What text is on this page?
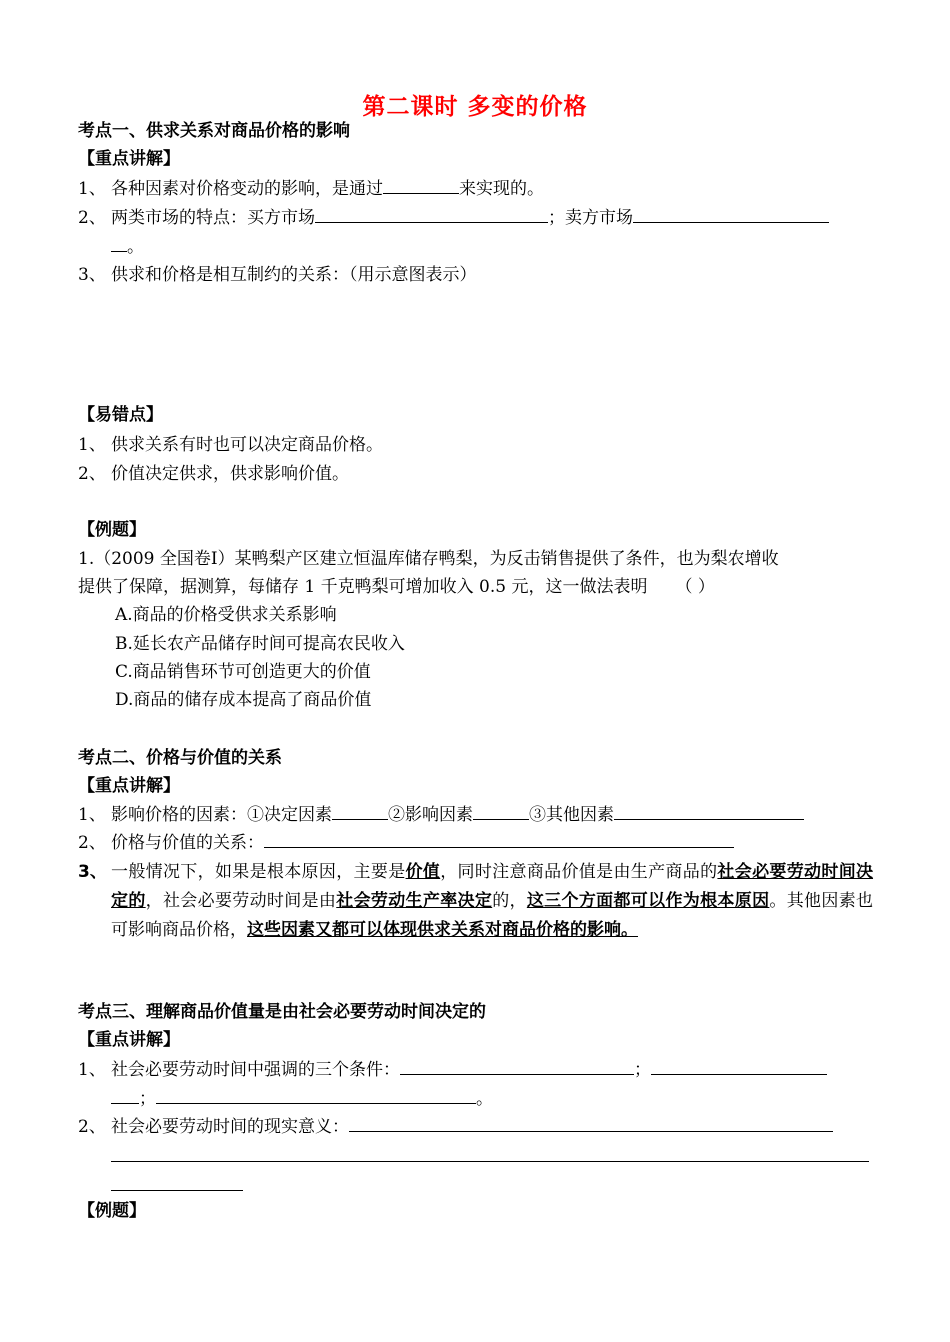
第二课时 多变的价格
考点一、供求关系对商品价格的影响
【重点讲解】
1、 各种因素对价格变动的影响，是通过	来实现的。
2、 两类市场的特点：买方市场	；卖方市场
。
3、 供求和价格是相互制约的关系：（用示意图表示）
【易错点】
1、 供求关系有时也可以决定商品价格。
2、 价值决定供求，供求影响价值。
【例题】
1.（2009 全国卷Ⅰ）某鸭梨产区建立恒温库储存鸭梨，为反击销售提供了条件，也为梨农增收
提供了保障，据测算，每储存 1 千克鸭梨可增加收入 0.5 元，这一做法表明 （ ）
A.商品的价格受供求关系影响
B.延长农产品储存时间可提高农民收入
C.商品销售环节可创造更大的价值
D.商品的储存成本提高了商品价值
考点二、价格与价值的关系
【重点讲解】
1、 影响价格的因素：①决定因素	②影响因素	③其他因素
2、 价格与价值的关系：
3、 一般情况下，如果是根本原因，主要是价值，同时注意商品价值是由生产商品的社会必要劳动时间决定的，社会必要劳动时间是由社会劳动生产率决定的，这三个方面都可以作为根本原因。其他因素也可影响商品价格，这些因素又都可以体现供求关系对商品价格的影响。
考点三、理解商品价值量是由社会必要劳动时间决定的
【重点讲解】
1、 社会必要劳动时间中强调的三个条件：	；
；	。
2、 社会必要劳动时间的现实意义：
【例题】
